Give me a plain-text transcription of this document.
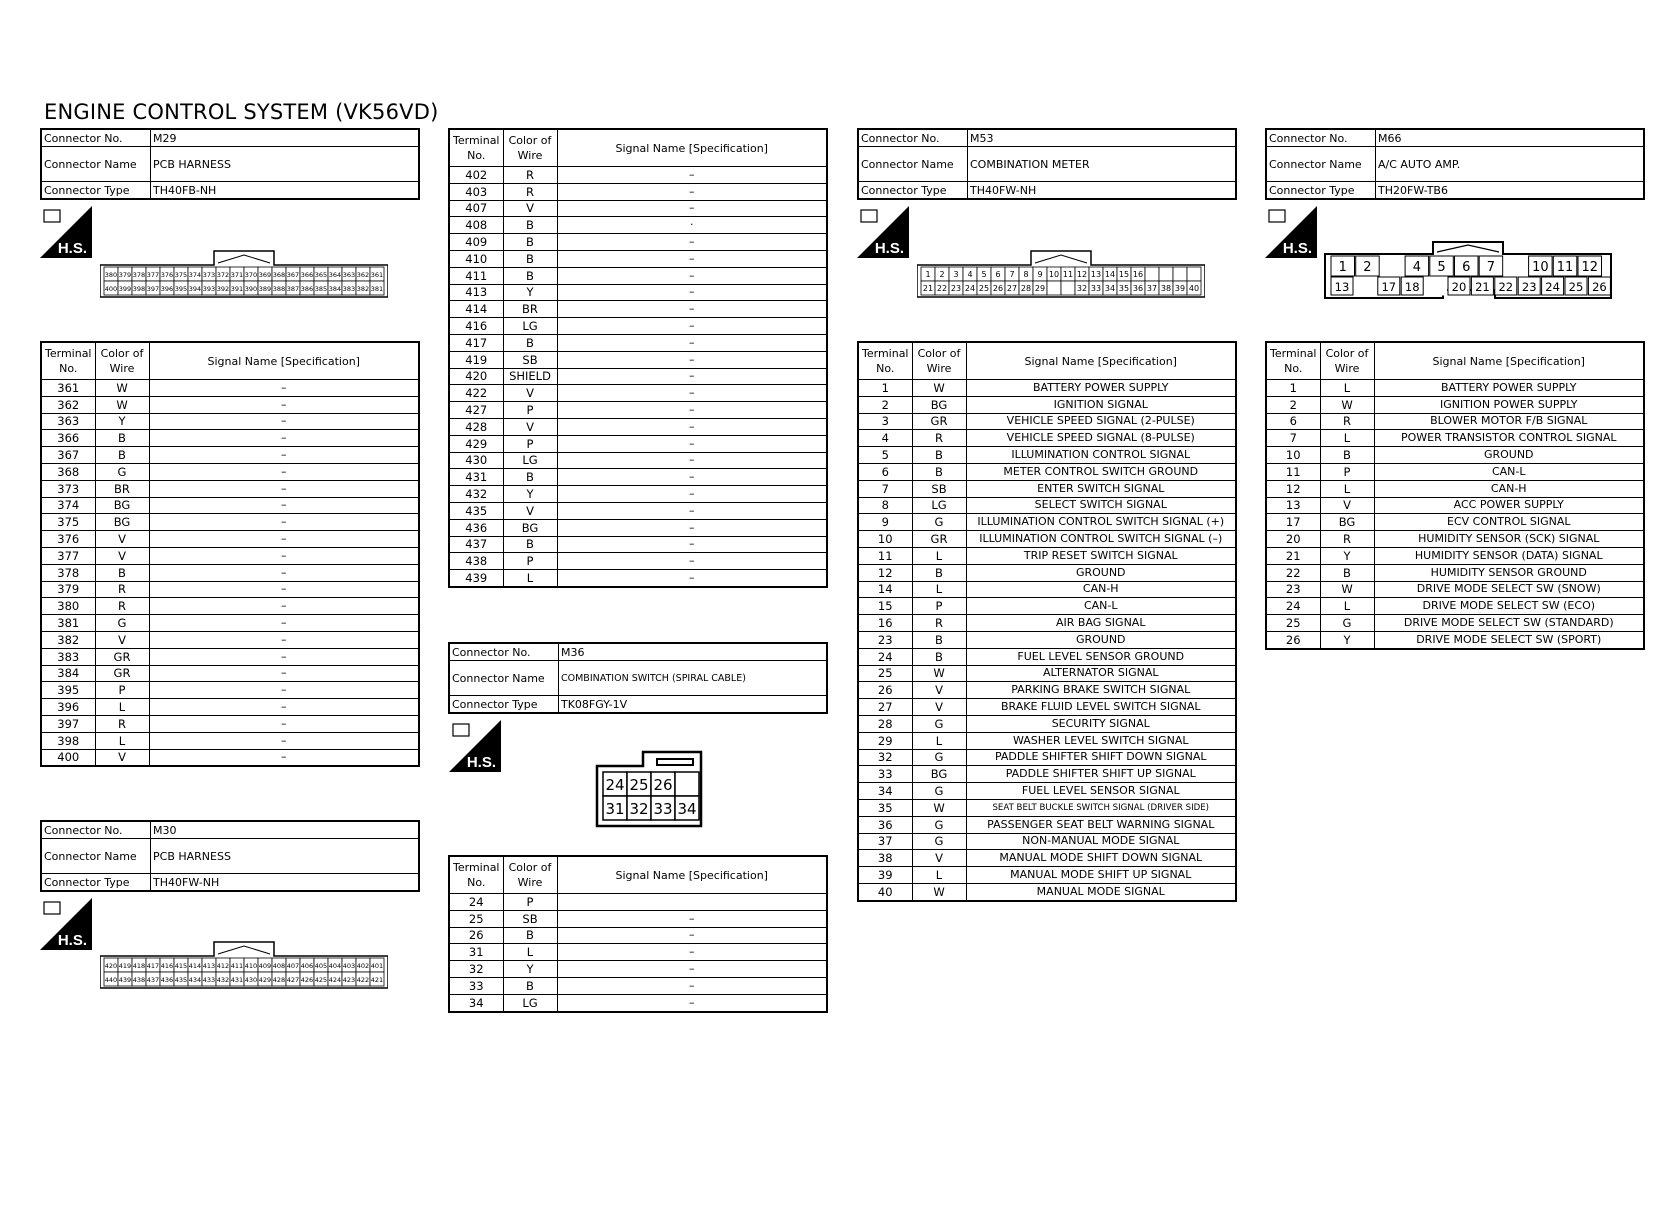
ENGINE CONTROL SYSTEM (VK56VD)
Connector No.	M29
Connector Name	PCB HARNESS
Connector Type	TH40FB-NH
H.S.
380 379 378 377 376 375 374 373 372 371 370 369 368 367 366 365 364 363 362 361
400 399 398 397 396 395 394 393 392 391 390 389 388 387 386 385 384 383 382 381
Terminal No.	Color of Wire	Signal Name [Specification]
361	W	–
362	W	–
363	Y	–
366	B	–
367	B	–
368	G	–
373	BR	–
374	BG	–
375	BG	–
376	V	–
377	V	–
378	B	–
379	R	–
380	R	–
381	G	–
382	V	–
383	GR	–
384	GR	–
395	P	–
396	L	–
397	R	–
398	L	–
400	V	–
Connector No.	M30
Connector Name	PCB HARNESS
Connector Type	TH40FW-NH
H.S.
420 419 418 417 416 415 414 413 412 411 410 409 408 407 406 405 404 403 402 401
440 439 438 437 436 435 434 433 432 431 430 429 428 427 426 425 424 423 422 421
Terminal No.	Color of Wire	Signal Name [Specification]
402	R	–
403	R	–
407	V	–
408	B	·
409	B	–
410	B	–
411	B	–
413	Y	–
414	BR	–
416	LG	–
417	B	–
419	SB	–
420	SHIELD	–
422	V	–
427	P	–
428	V	–
429	P	–
430	LG	–
431	B	–
432	Y	–
435	V	–
436	BG	–
437	B	–
438	P	–
439	L	–
Connector No.	M36
Connector Name	COMBINATION SWITCH (SPIRAL CABLE)
Connector Type	TK08FGY-1V
H.S.
24 25 26
31 32 33 34
Terminal No.	Color of Wire	Signal Name [Specification]
24	P	
25	SB	–
26	B	–
31	L	–
32	Y	–
33	B	–
34	LG	–
Connector No.	M53
Connector Name	COMBINATION METER
Connector Type	TH40FW-NH
H.S.
1 2 3 4 5 6 7 8 9 10 11 12 13 14 15 16
21 22 23 24 25 26 27 28 29	32 33 34 35 36 37 38 39 40
Terminal No.	Color of Wire	Signal Name [Specification]
1	W	BATTERY POWER SUPPLY
2	BG	IGNITION SIGNAL
3	GR	VEHICLE SPEED SIGNAL (2-PULSE)
4	R	VEHICLE SPEED SIGNAL (8-PULSE)
5	B	ILLUMINATION CONTROL SIGNAL
6	B	METER CONTROL SWITCH GROUND
7	SB	ENTER SWITCH SIGNAL
8	LG	SELECT SWITCH SIGNAL
9	G	ILLUMINATION CONTROL SWITCH SIGNAL (+)
10	GR	ILLUMINATION CONTROL SWITCH SIGNAL (–)
11	L	TRIP RESET SWITCH SIGNAL
12	B	GROUND
14	L	CAN-H
15	P	CAN-L
16	R	AIR BAG SIGNAL
23	B	GROUND
24	B	FUEL LEVEL SENSOR GROUND
25	W	ALTERNATOR SIGNAL
26	V	PARKING BRAKE SWITCH SIGNAL
27	V	BRAKE FLUID LEVEL SWITCH SIGNAL
28	G	SECURITY SIGNAL
29	L	WASHER LEVEL SWITCH SIGNAL
32	G	PADDLE SHIFTER SHIFT DOWN SIGNAL
33	BG	PADDLE SHIFTER SHIFT UP SIGNAL
34	G	FUEL LEVEL SENSOR SIGNAL
35	W	SEAT BELT BUCKLE SWITCH SIGNAL (DRIVER SIDE)
36	G	PASSENGER SEAT BELT WARNING SIGNAL
37	G	NON-MANUAL MODE SIGNAL
38	V	MANUAL MODE SHIFT DOWN SIGNAL
39	L	MANUAL MODE SHIFT UP SIGNAL
40	W	MANUAL MODE SIGNAL
Connector No.	M66
Connector Name	A/C AUTO AMP.
Connector Type	TH20FW-TB6
H.S.
1 2	4 5 6 7	10 11 12
13	17 18	20 21 22 23 24 25 26
Terminal No.	Color of Wire	Signal Name [Specification]
1	L	BATTERY POWER SUPPLY
2	W	IGNITION POWER SUPPLY
6	R	BLOWER MOTOR F/B SIGNAL
7	L	POWER TRANSISTOR CONTROL SIGNAL
10	B	GROUND
11	P	CAN-L
12	L	CAN-H
13	V	ACC POWER SUPPLY
17	BG	ECV CONTROL SIGNAL
20	R	HUMIDITY SENSOR (SCK) SIGNAL
21	Y	HUMIDITY SENSOR (DATA) SIGNAL
22	B	HUMIDITY SENSOR GROUND
23	W	DRIVE MODE SELECT SW (SNOW)
24	L	DRIVE MODE SELECT SW (ECO)
25	G	DRIVE MODE SELECT SW (STANDARD)
26	Y	DRIVE MODE SELECT SW (SPORT)
